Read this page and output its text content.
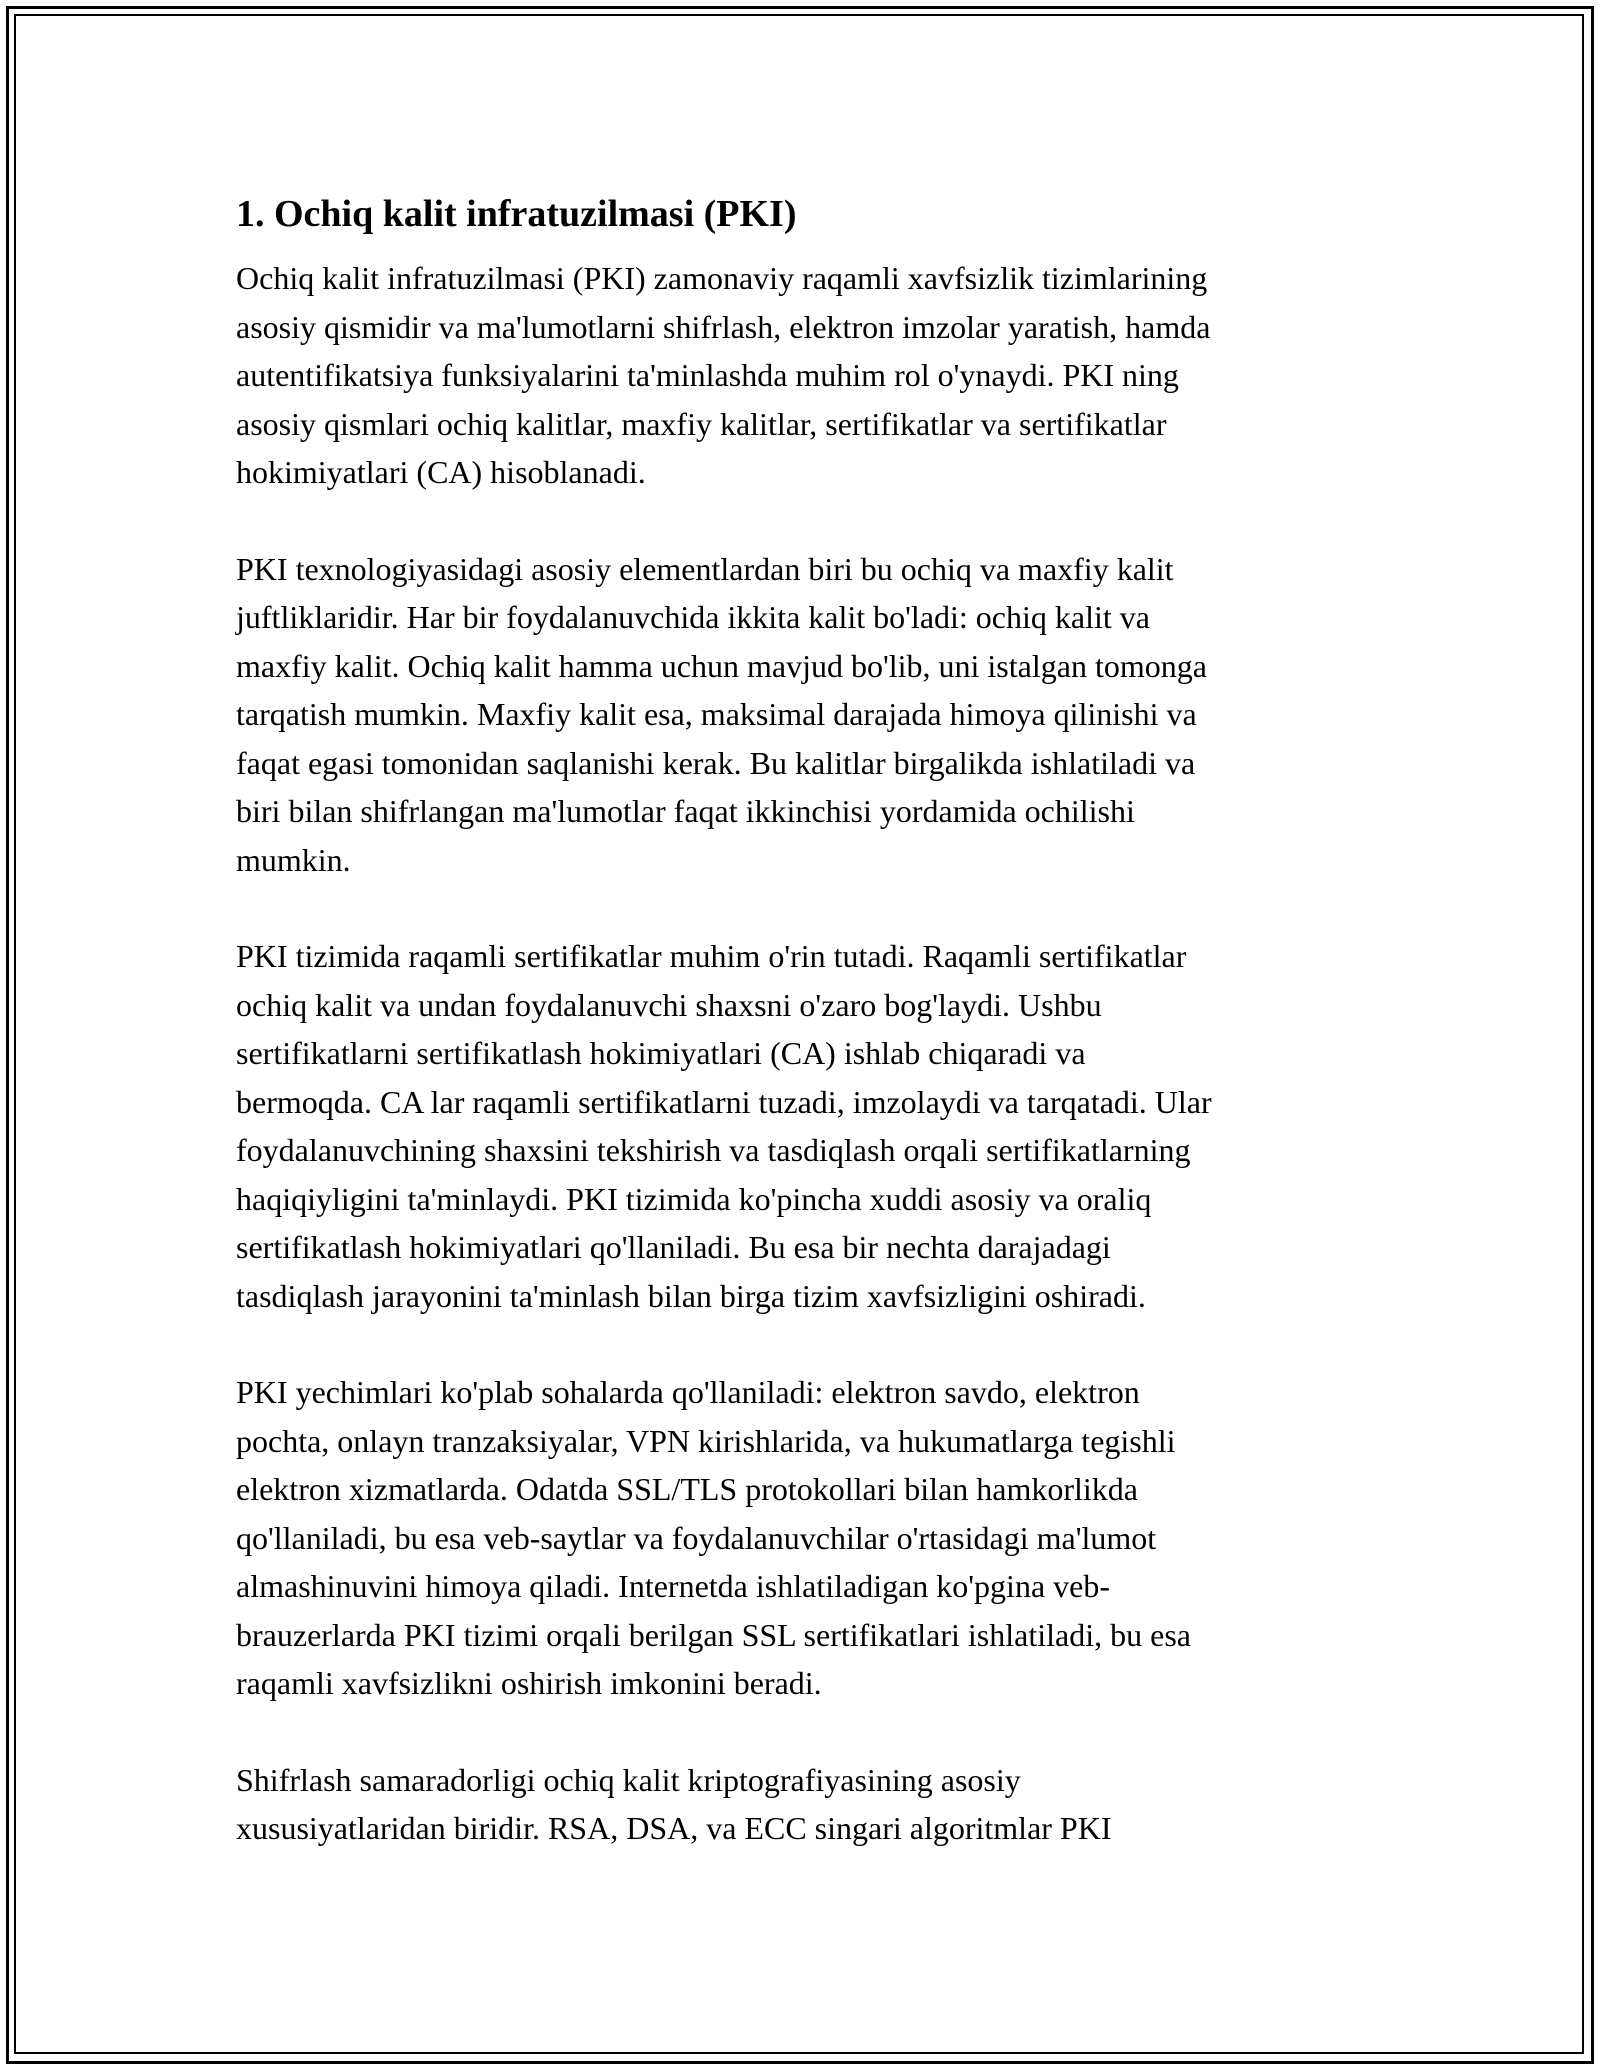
1. Ochiq kalit infratuzilmasi (PKI)
Ochiq kalit infratuzilmasi (PKI) zamonaviy raqamli xavfsizlik tizimlarining
asosiy qismidir va ma'lumotlarni shifrlash, elektron imzolar yaratish, hamda
autentifikatsiya funksiyalarini ta'minlashda muhim rol o'ynaydi. PKI ning
asosiy qismlari ochiq kalitlar, maxfiy kalitlar, sertifikatlar va sertifikatlar
hokimiyatlari (CA) hisoblanadi.
PKI texnologiyasidagi asosiy elementlardan biri bu ochiq va maxfiy kalit
juftliklaridir. Har bir foydalanuvchida ikkita kalit bo'ladi: ochiq kalit va
maxfiy kalit. Ochiq kalit hamma uchun mavjud bo'lib, uni istalgan tomonga
tarqatish mumkin. Maxfiy kalit esa, maksimal darajada himoya qilinishi va
faqat egasi tomonidan saqlanishi kerak. Bu kalitlar birgalikda ishlatiladi va
biri bilan shifrlangan ma'lumotlar faqat ikkinchisi yordamida ochilishi
mumkin.
PKI tizimida raqamli sertifikatlar muhim o'rin tutadi. Raqamli sertifikatlar
ochiq kalit va undan foydalanuvchi shaxsni o'zaro bog'laydi. Ushbu
sertifikatlarni sertifikatlash hokimiyatlari (CA) ishlab chiqaradi va
bermoqda. CA lar raqamli sertifikatlarni tuzadi, imzolaydi va tarqatadi. Ular
foydalanuvchining shaxsini tekshirish va tasdiqlash orqali sertifikatlarning
haqiqiyligini ta'minlaydi. PKI tizimida ko'pincha xuddi asosiy va oraliq
sertifikatlash hokimiyatlari qo'llaniladi. Bu esa bir nechta darajadagi
tasdiqlash jarayonini ta'minlash bilan birga tizim xavfsizligini oshiradi.
PKI yechimlari ko'plab sohalarda qo'llaniladi: elektron savdo, elektron
pochta, onlayn tranzaksiyalar, VPN kirishlarida, va hukumatlarga tegishli
elektron xizmatlarda. Odatda SSL/TLS protokollari bilan hamkorlikda
qo'llaniladi, bu esa veb-saytlar va foydalanuvchilar o'rtasidagi ma'lumot
almashinuvini himoya qiladi. Internetda ishlatiladigan ko'pgina veb-
brauzerlarda PKI tizimi orqali berilgan SSL sertifikatlari ishlatiladi, bu esa
raqamli xavfsizlikni oshirish imkonini beradi.
Shifrlash samaradorligi ochiq kalit kriptografiyasining asosiy
xususiyatlaridan biridir. RSA, DSA, va ECC singari algoritmlar PKI
